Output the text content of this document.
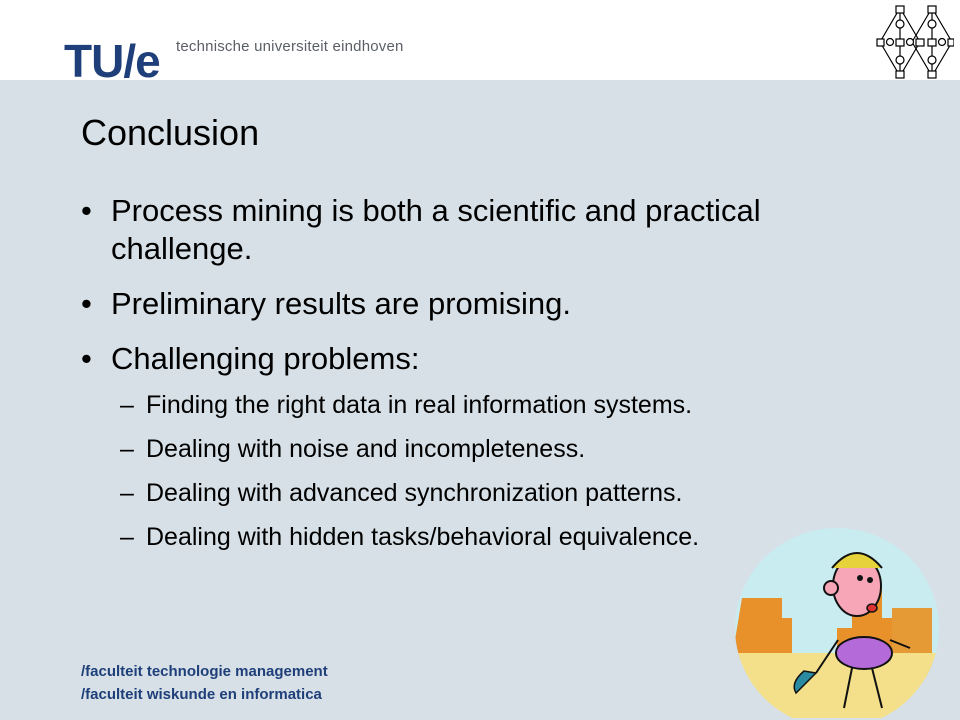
TU/e technische universiteit eindhoven
Conclusion
• Process mining is both a scientific and practical challenge.
• Preliminary results are promising.
• Challenging problems:
– Finding the right data in real information systems.
– Dealing with noise and incompleteness.
– Dealing with advanced synchronization patterns.
– Dealing with hidden tasks/behavioral equivalence.
/faculteit technologie management
/faculteit wiskunde en informatica
